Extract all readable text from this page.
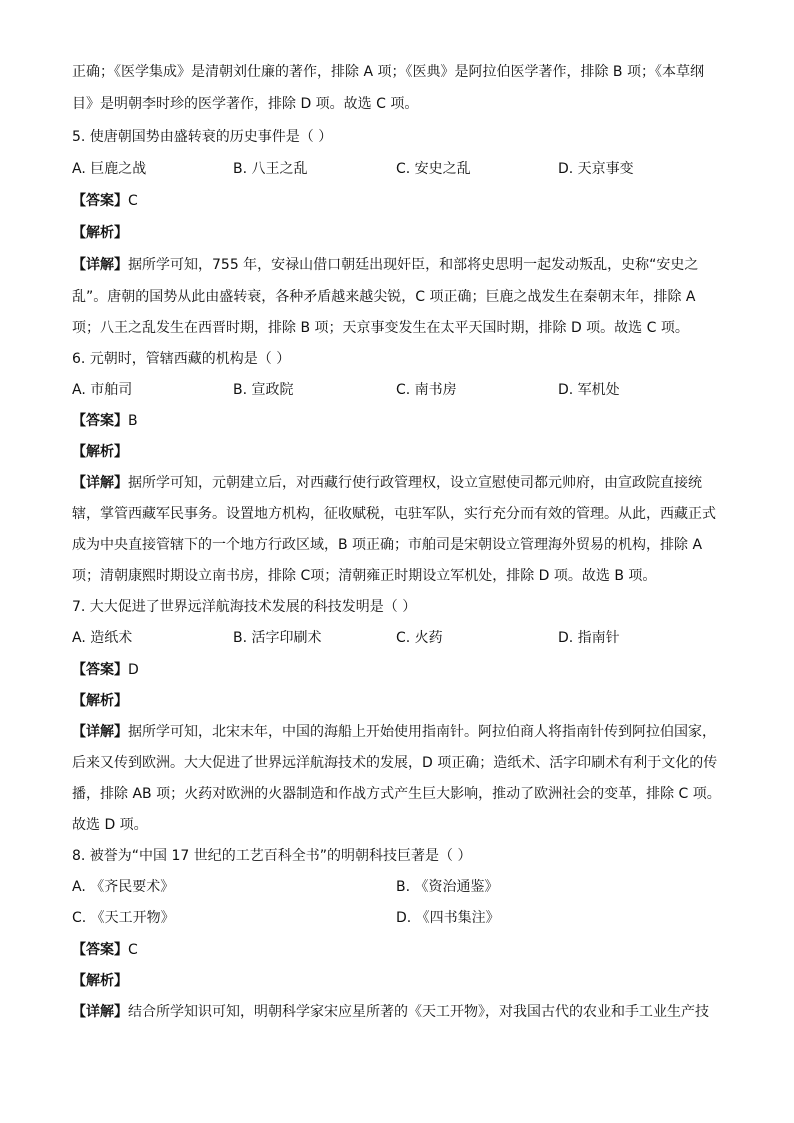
正确；《医学集成》是清朝刘仕廉的著作，排除 A 项；《医典》是阿拉伯医学著作，排除 B 项；《本草纲
目》是明朝李时珍的医学著作，排除 D 项。故选 C 项。
5. 使唐朝国势由盛转衰的历史事件是（ ）
A. 巨鹿之战	B. 八王之乱	C. 安史之乱	D. 天京事变
【答案】C
【解析】
【详解】据所学可知，755 年，安禄山借口朝廷出现奸臣，和部将史思明一起发动叛乱，史称“安史之
乱”。唐朝的国势从此由盛转衰，各种矛盾越来越尖锐，C 项正确；巨鹿之战发生在秦朝末年，排除 A
项；八王之乱发生在西晋时期，排除 B 项；天京事变发生在太平天国时期，排除 D 项。故选 C 项。
6. 元朝时，管辖西藏的机构是（ ）
A. 市舶司	B. 宣政院	C. 南书房	D. 军机处
【答案】B
【解析】
【详解】据所学可知，元朝建立后，对西藏行使行政管理权，设立宣慰使司都元帅府，由宣政院直接统
辖，掌管西藏军民事务。设置地方机构，征收赋税，屯驻军队，实行充分而有效的管理。从此，西藏正式
成为中央直接管辖下的一个地方行政区域，B 项正确；市舶司是宋朝设立管理海外贸易的机构，排除 A
项；清朝康熙时期设立南书房，排除 C项；清朝雍正时期设立军机处，排除 D 项。故选 B 项。
7. 大大促进了世界远洋航海技术发展的科技发明是（ ）
A. 造纸术	B. 活字印刷术	C. 火药	D. 指南针
【答案】D
【解析】
【详解】据所学可知，北宋末年，中国的海船上开始使用指南针。阿拉伯商人将指南针传到阿拉伯国家，
后来又传到欧洲。大大促进了世界远洋航海技术的发展，D 项正确；造纸术、活字印刷术有利于文化的传
播，排除 AB 项；火药对欧洲的火器制造和作战方式产生巨大影响，推动了欧洲社会的变革，排除 C 项。
故选 D 项。
8. 被誉为“中国 17 世纪的工艺百科全书”的明朝科技巨著是（ ）
A. 《齐民要术》	B. 《资治通鉴》
C. 《天工开物》	D. 《四书集注》
【答案】C
【解析】
【详解】结合所学知识可知，明朝科学家宋应星所著的《天工开物》，对我国古代的农业和手工业生产技
